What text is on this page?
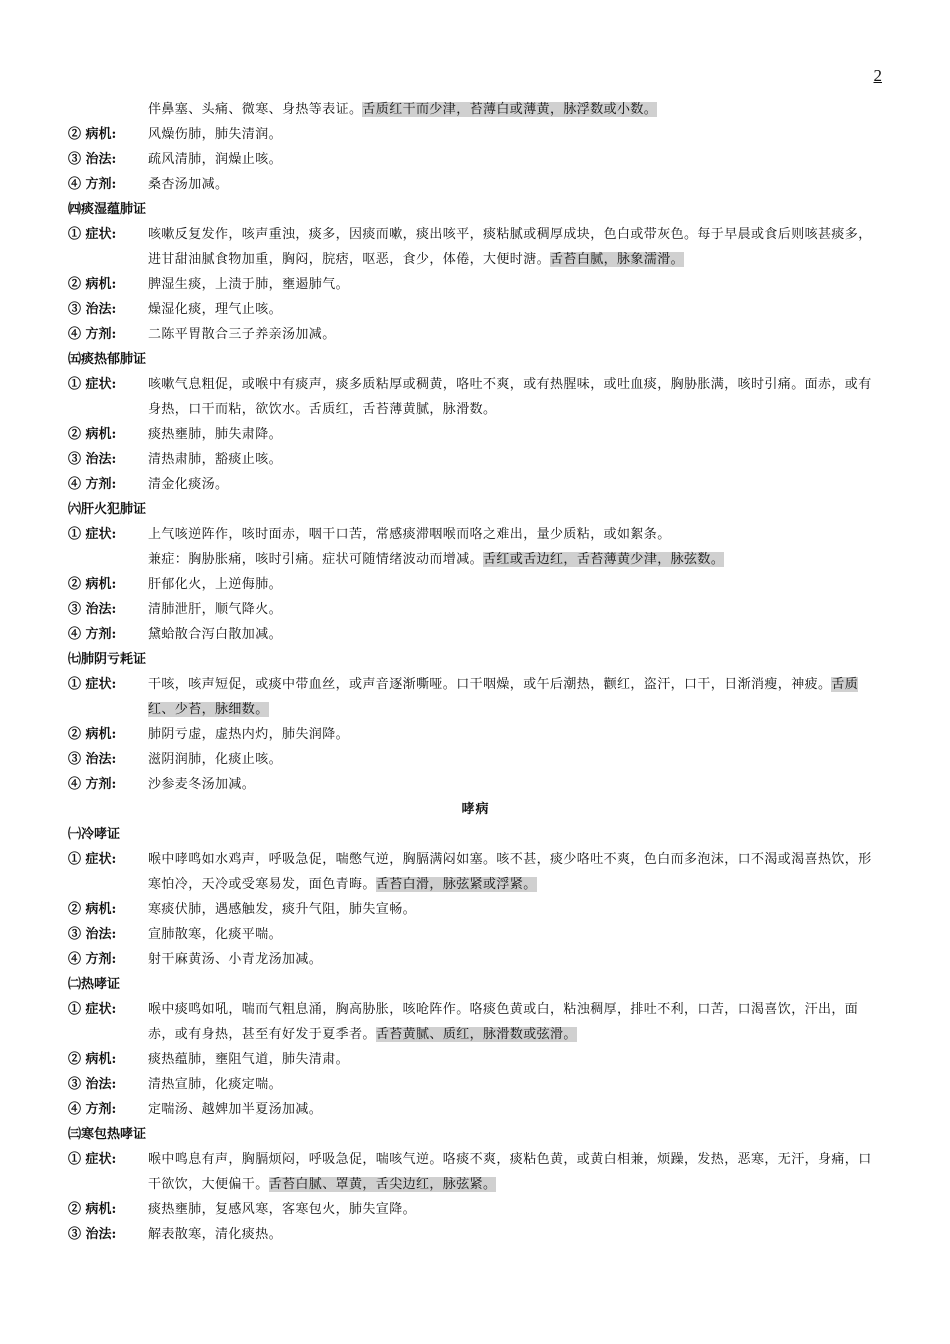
2
伴鼻塞、头痛、微寒、身热等表证。舌质红干而少津，苔薄白或薄黄，脉浮数或小数。
② 病机:	风燥伤肺，肺失清润。
③ 治法:	疏风清肺，润燥止咳。
④ 方剂:	桑杏汤加减。
㈣痰湿蕴肺证
① 症状:	咳嗽反复发作，咳声重浊，痰多，因痰而嗽，痰出咳平，痰粘腻或稠厚成块，色白或带灰色。每于早晨或食后则咳甚痰多，进甘甜油腻食物加重，胸闷，脘痞，呕恶，食少，体倦，大便时溏。舌苔白腻，脉象濡滑。
② 病机:	脾湿生痰，上渍于肺，壅遏肺气。
③ 治法:	燥湿化痰，理气止咳。
④ 方剂:	二陈平胃散合三子养亲汤加减。
㈤痰热郁肺证
① 症状:	咳嗽气息粗促，或喉中有痰声，痰多质粘厚或稠黄，咯吐不爽，或有热腥味，或吐血痰，胸胁胀满，咳时引痛。面赤，或有身热，口干而粘，欲饮水。舌质红，舌苔薄黄腻，脉滑数。
② 病机:	痰热壅肺，肺失肃降。
③ 治法:	清热肃肺，豁痰止咳。
④ 方剂:	清金化痰汤。
㈥肝火犯肺证
① 症状:	上气咳逆阵作，咳时面赤，咽干口苦，常感痰滞咽喉而咯之难出，量少质粘，或如絮条。
兼症：胸胁胀痛，咳时引痛。症状可随情绪波动而增减。舌红或舌边红，舌苔薄黄少津，脉弦数。
② 病机:	肝郁化火，上逆侮肺。
③ 治法:	清肺泄肝，顺气降火。
④ 方剂:	黛蛤散合泻白散加减。
㈦肺阴亏耗证
① 症状:	干咳，咳声短促，或痰中带血丝，或声音逐渐嘶哑。口干咽燥，或午后潮热，颧红，盗汗，口干，日渐消瘦，神疲。舌质红、少苔，脉细数。
② 病机:	肺阴亏虚，虚热内灼，肺失润降。
③ 治法:	滋阴润肺，化痰止咳。
④ 方剂:	沙参麦冬汤加减。
哮病
㈠冷哮证
① 症状:	喉中哮鸣如水鸡声，呼吸急促，喘憋气逆，胸膈满闷如塞。咳不甚，痰少咯吐不爽，色白而多泡沫，口不渴或渴喜热饮，形寒怕冷，天冷或受寒易发，面色青晦。舌苔白滑，脉弦紧或浮紧。
② 病机:	寒痰伏肺，遇感触发，痰升气阻，肺失宣畅。
③ 治法:	宣肺散寒，化痰平喘。
④ 方剂:	射干麻黄汤、小青龙汤加减。
㈡热哮证
① 症状:	喉中痰鸣如吼，喘而气粗息涌，胸高胁胀，咳呛阵作。咯痰色黄或白，粘浊稠厚，排吐不利，口苦，口渴喜饮，汗出，面赤，或有身热，甚至有好发于夏季者。舌苔黄腻、质红，脉滑数或弦滑。
② 病机:	痰热蕴肺，壅阻气道，肺失清肃。
③ 治法:	清热宣肺，化痰定喘。
④ 方剂:	定喘汤、越婢加半夏汤加减。
㈢寒包热哮证
① 症状:	喉中鸣息有声，胸膈烦闷，呼吸急促，喘咳气逆。咯痰不爽，痰粘色黄，或黄白相兼，烦躁，发热，恶寒，无汗，身痛，口干欲饮，大便偏干。舌苔白腻、罩黄，舌尖边红，脉弦紧。
② 病机:	痰热壅肺，复感风寒，客寒包火，肺失宣降。
③ 治法:	解表散寒，清化痰热。
